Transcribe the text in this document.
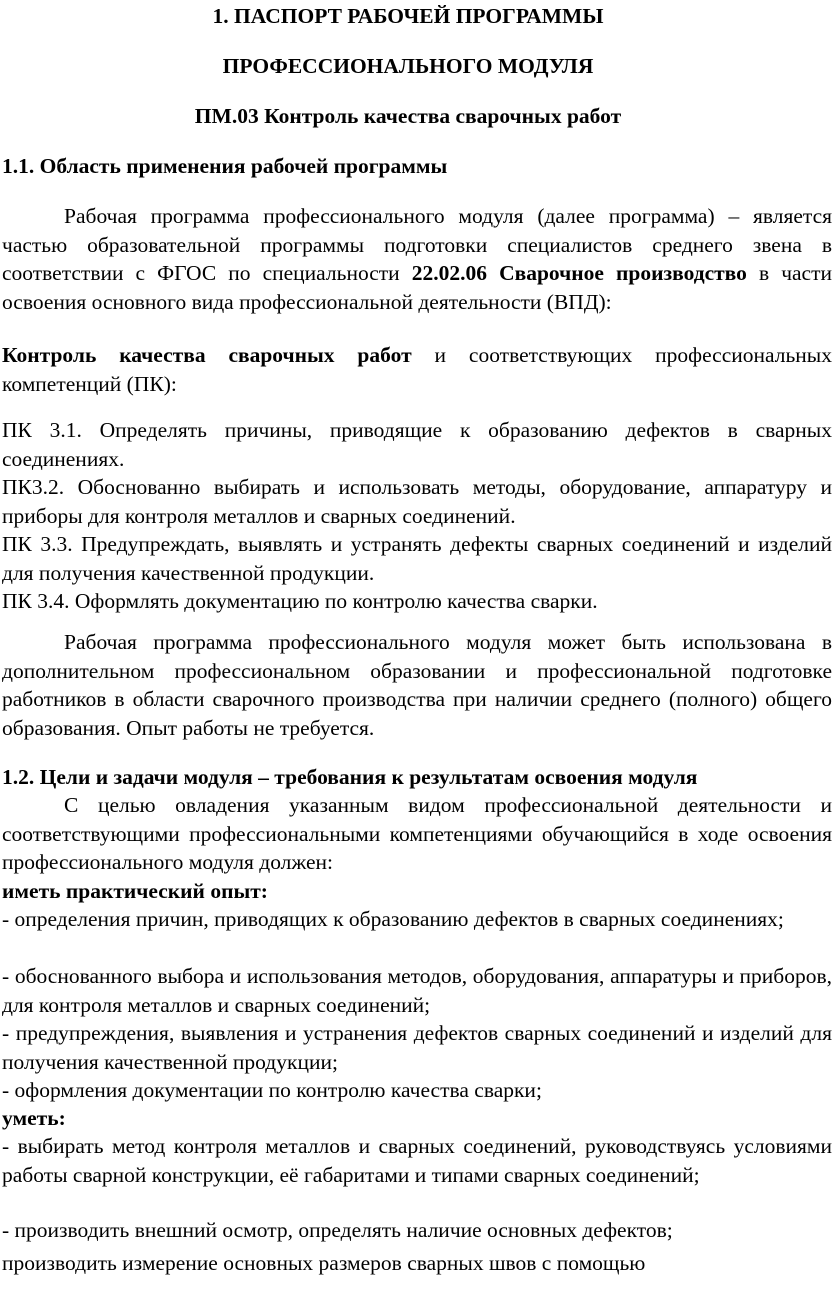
1. ПАСПОРТ РАБОЧЕЙ ПРОГРАММЫ
ПРОФЕССИОНАЛЬНОГО МОДУЛЯ
ПМ.03 Контроль качества сварочных работ
1.1. Область применения рабочей программы

Рабочая программа профессионального модуля (далее программа) – является частью образовательной программы подготовки специалистов среднего звена в соответствии с ФГОС по специальности 22.02.06 Сварочное производство в части освоения основного вида профессиональной деятельности (ВПД):

Контроль качества сварочных работ и соответствующих профессиональных компетенций (ПК):

ПК 3.1. Определять причины, приводящие к образованию дефектов в сварных соединениях.

ПК3.2. Обоснованно выбирать и использовать методы, оборудование, аппаратуру и приборы для контроля металлов и сварных соединений.

ПК 3.3. Предупреждать, выявлять и устранять дефекты сварных соединений и изделий для получения качественной продукции.

ПК 3.4. Оформлять документацию по контролю качества сварки.

Рабочая программа профессионального модуля может быть использована в дополнительном профессиональном образовании и профессиональной подготовке работников в области сварочного производства при наличии среднего (полного) общего образования. Опыт работы не требуется.

1.2. Цели и задачи модуля – требования к результатам освоения модуля

С целью овладения указанным видом профессиональной деятельности и соответствующими профессиональными компетенциями обучающийся в ходе освоения профессионального модуля должен:

иметь практический опыт:

- определения причин, приводящих к образованию дефектов в сварных соединениях;

- обоснованного выбора и использования методов, оборудования, аппаратуры и приборов, для контроля металлов и сварных соединений;

- предупреждения, выявления и устранения дефектов сварных соединений и изделий для получения качественной продукции;

- оформления документации по контролю качества сварки;

уметь:

- выбирать метод контроля металлов и сварных соединений, руководствуясь условиями работы сварной конструкции, её габаритами и типами сварных соединений;

- производить внешний осмотр, определять наличие основных дефектов;

производить измерение основных размеров сварных швов с помощью
